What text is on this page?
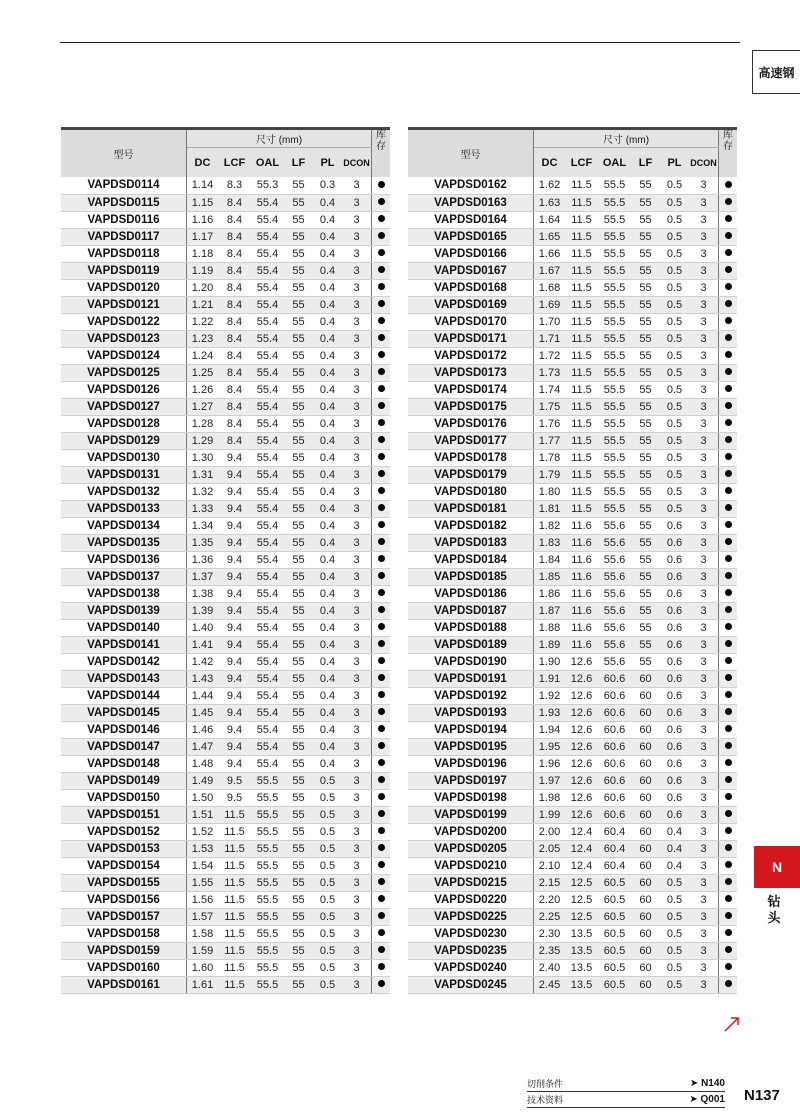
高速钢
型号	尺寸 (mm)						库存
	DC	LCF	OAL	LF	PL	DCON	
VAPDSD0114	1.14	8.3	55.3	55	0.3	3	
VAPDSD0115	1.15	8.4	55.4	55	0.4	3	
VAPDSD0116	1.16	8.4	55.4	55	0.4	3	
VAPDSD0117	1.17	8.4	55.4	55	0.4	3	
VAPDSD0118	1.18	8.4	55.4	55	0.4	3	
VAPDSD0119	1.19	8.4	55.4	55	0.4	3	
VAPDSD0120	1.20	8.4	55.4	55	0.4	3	
VAPDSD0121	1.21	8.4	55.4	55	0.4	3	
VAPDSD0122	1.22	8.4	55.4	55	0.4	3	
VAPDSD0123	1.23	8.4	55.4	55	0.4	3	
VAPDSD0124	1.24	8.4	55.4	55	0.4	3	
VAPDSD0125	1.25	8.4	55.4	55	0.4	3	
VAPDSD0126	1.26	8.4	55.4	55	0.4	3	
VAPDSD0127	1.27	8.4	55.4	55	0.4	3	
VAPDSD0128	1.28	8.4	55.4	55	0.4	3	
VAPDSD0129	1.29	8.4	55.4	55	0.4	3	
VAPDSD0130	1.30	9.4	55.4	55	0.4	3	
VAPDSD0131	1.31	9.4	55.4	55	0.4	3	
VAPDSD0132	1.32	9.4	55.4	55	0.4	3	
VAPDSD0133	1.33	9.4	55.4	55	0.4	3	
VAPDSD0134	1.34	9.4	55.4	55	0.4	3	
VAPDSD0135	1.35	9.4	55.4	55	0.4	3	
VAPDSD0136	1.36	9.4	55.4	55	0.4	3	
VAPDSD0137	1.37	9.4	55.4	55	0.4	3	
VAPDSD0138	1.38	9.4	55.4	55	0.4	3	
VAPDSD0139	1.39	9.4	55.4	55	0.4	3	
VAPDSD0140	1.40	9.4	55.4	55	0.4	3	
VAPDSD0141	1.41	9.4	55.4	55	0.4	3	
VAPDSD0142	1.42	9.4	55.4	55	0.4	3	
VAPDSD0143	1.43	9.4	55.4	55	0.4	3	
VAPDSD0144	1.44	9.4	55.4	55	0.4	3	
VAPDSD0145	1.45	9.4	55.4	55	0.4	3	
VAPDSD0146	1.46	9.4	55.4	55	0.4	3	
VAPDSD0147	1.47	9.4	55.4	55	0.4	3	
VAPDSD0148	1.48	9.4	55.4	55	0.4	3	
VAPDSD0149	1.49	9.5	55.5	55	0.5	3	
VAPDSD0150	1.50	9.5	55.5	55	0.5	3	
VAPDSD0151	1.51	11.5	55.5	55	0.5	3	
VAPDSD0152	1.52	11.5	55.5	55	0.5	3	
VAPDSD0153	1.53	11.5	55.5	55	0.5	3	
VAPDSD0154	1.54	11.5	55.5	55	0.5	3	
VAPDSD0155	1.55	11.5	55.5	55	0.5	3	
VAPDSD0156	1.56	11.5	55.5	55	0.5	3	
VAPDSD0157	1.57	11.5	55.5	55	0.5	3	
VAPDSD0158	1.58	11.5	55.5	55	0.5	3	
VAPDSD0159	1.59	11.5	55.5	55	0.5	3	
VAPDSD0160	1.60	11.5	55.5	55	0.5	3	
VAPDSD0161	1.61	11.5	55.5	55	0.5	3	
型号	尺寸 (mm)						库存
	DC	LCF	OAL	LF	PL	DCON	
VAPDSD0162	1.62	11.5	55.5	55	0.5	3	
VAPDSD0163	1.63	11.5	55.5	55	0.5	3	
VAPDSD0164	1.64	11.5	55.5	55	0.5	3	
VAPDSD0165	1.65	11.5	55.5	55	0.5	3	
VAPDSD0166	1.66	11.5	55.5	55	0.5	3	
VAPDSD0167	1.67	11.5	55.5	55	0.5	3	
VAPDSD0168	1.68	11.5	55.5	55	0.5	3	
VAPDSD0169	1.69	11.5	55.5	55	0.5	3	
VAPDSD0170	1.70	11.5	55.5	55	0.5	3	
VAPDSD0171	1.71	11.5	55.5	55	0.5	3	
VAPDSD0172	1.72	11.5	55.5	55	0.5	3	
VAPDSD0173	1.73	11.5	55.5	55	0.5	3	
VAPDSD0174	1.74	11.5	55.5	55	0.5	3	
VAPDSD0175	1.75	11.5	55.5	55	0.5	3	
VAPDSD0176	1.76	11.5	55.5	55	0.5	3	
VAPDSD0177	1.77	11.5	55.5	55	0.5	3	
VAPDSD0178	1.78	11.5	55.5	55	0.5	3	
VAPDSD0179	1.79	11.5	55.5	55	0.5	3	
VAPDSD0180	1.80	11.5	55.5	55	0.5	3	
VAPDSD0181	1.81	11.5	55.5	55	0.5	3	
VAPDSD0182	1.82	11.6	55.6	55	0.6	3	
VAPDSD0183	1.83	11.6	55.6	55	0.6	3	
VAPDSD0184	1.84	11.6	55.6	55	0.6	3	
VAPDSD0185	1.85	11.6	55.6	55	0.6	3	
VAPDSD0186	1.86	11.6	55.6	55	0.6	3	
VAPDSD0187	1.87	11.6	55.6	55	0.6	3	
VAPDSD0188	1.88	11.6	55.6	55	0.6	3	
VAPDSD0189	1.89	11.6	55.6	55	0.6	3	
VAPDSD0190	1.90	12.6	55.6	55	0.6	3	
VAPDSD0191	1.91	12.6	60.6	60	0.6	3	
VAPDSD0192	1.92	12.6	60.6	60	0.6	3	
VAPDSD0193	1.93	12.6	60.6	60	0.6	3	
VAPDSD0194	1.94	12.6	60.6	60	0.6	3	
VAPDSD0195	1.95	12.6	60.6	60	0.6	3	
VAPDSD0196	1.96	12.6	60.6	60	0.6	3	
VAPDSD0197	1.97	12.6	60.6	60	0.6	3	
VAPDSD0198	1.98	12.6	60.6	60	0.6	3	
VAPDSD0199	1.99	12.6	60.6	60	0.6	3	
VAPDSD0200	2.00	12.4	60.4	60	0.4	3	
VAPDSD0205	2.05	12.4	60.4	60	0.4	3	
VAPDSD0210	2.10	12.4	60.4	60	0.4	3	
VAPDSD0215	2.15	12.5	60.5	60	0.5	3	
VAPDSD0220	2.20	12.5	60.5	60	0.5	3	
VAPDSD0225	2.25	12.5	60.5	60	0.5	3	
VAPDSD0230	2.30	13.5	60.5	60	0.5	3	
VAPDSD0235	2.35	13.5	60.5	60	0.5	3	
VAPDSD0240	2.40	13.5	60.5	60	0.5	3	
VAPDSD0245	2.45	13.5	60.5	60	0.5	3	
N
钻头
切削条件	➤ N140
技术资料	➤ Q001 N137
